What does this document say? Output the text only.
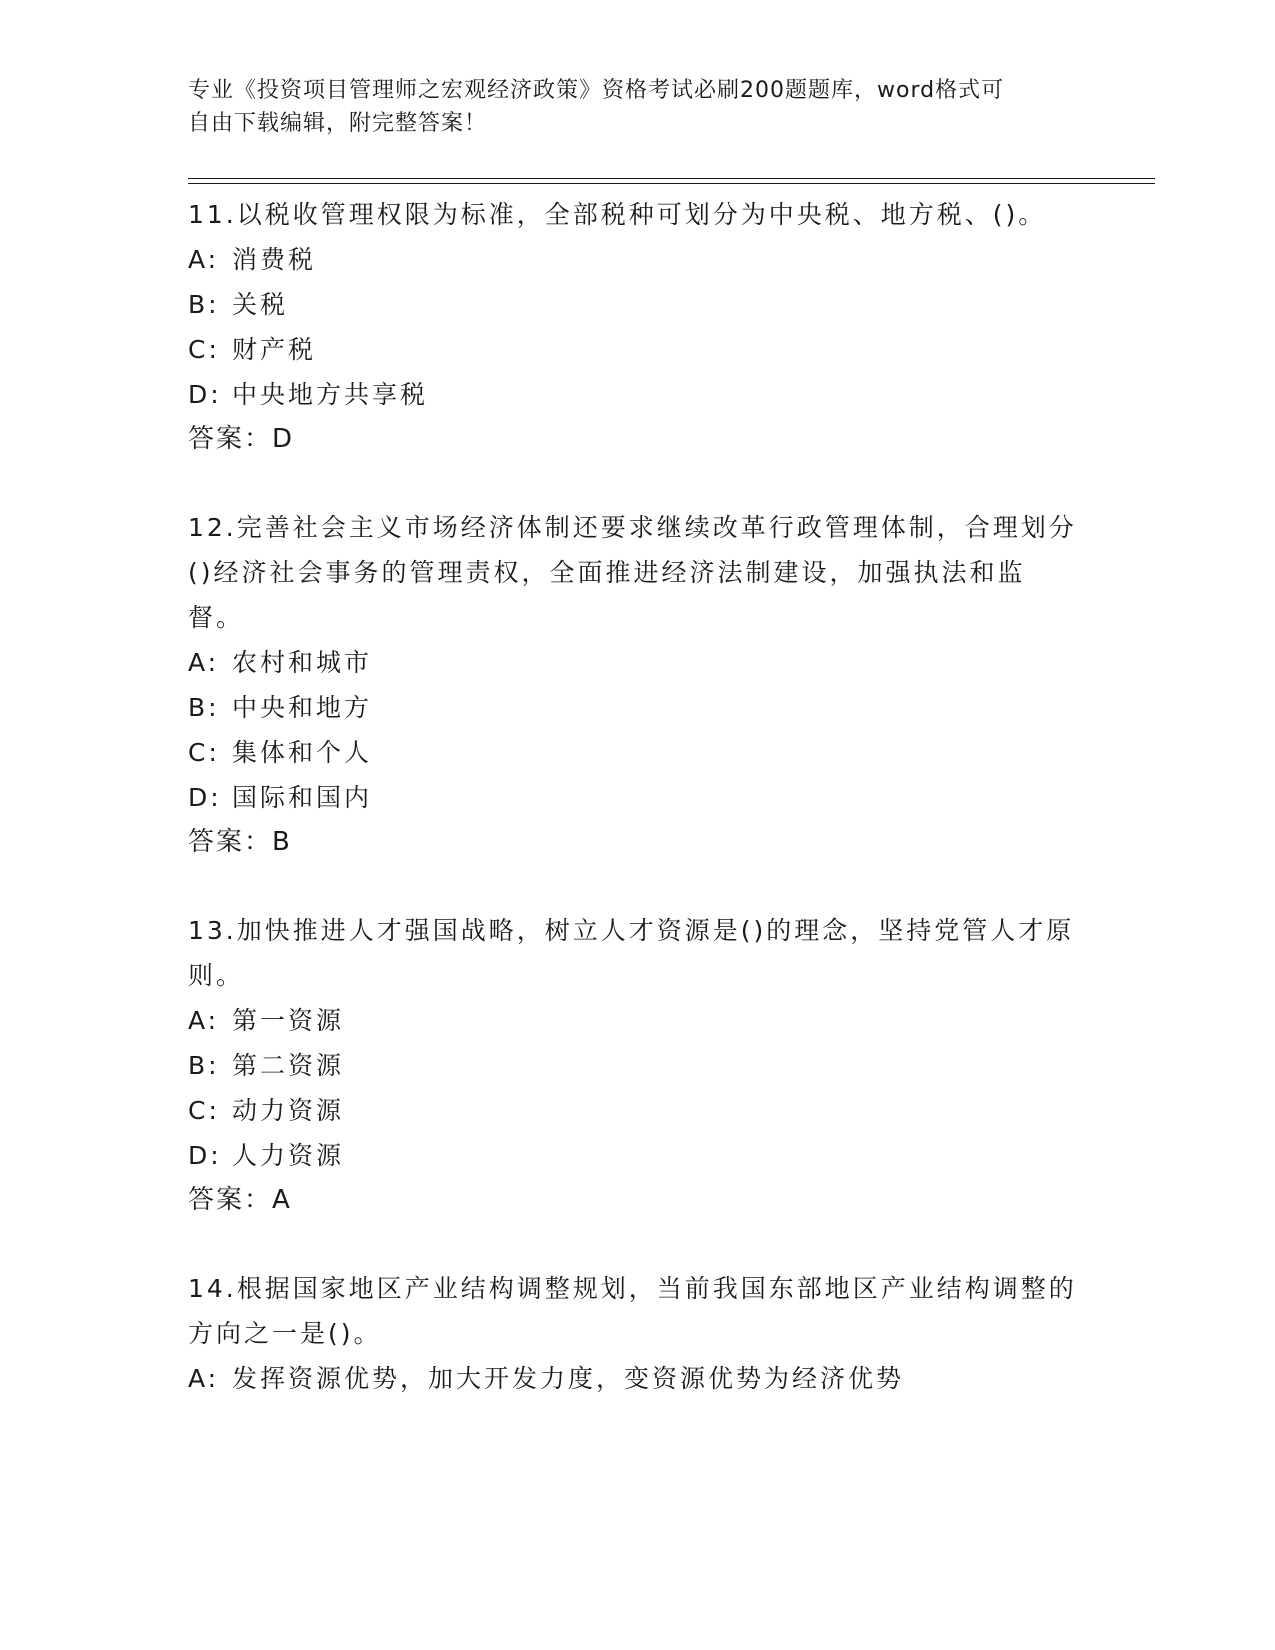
专业《投资项目管理师之宏观经济政策》资格考试必刷200题题库，word格式可
自由下载编辑，附完整答案！
11.以税收管理权限为标准，全部税种可划分为中央税、地方税、()。
A: 消费税
B: 关税
C: 财产税
D: 中央地方共享税
答案：D
12.完善社会主义市场经济体制还要求继续改革行政管理体制，合理划分()经济社会事务的管理责权，全面推进经济法制建设，加强执法和监督。
A: 农村和城市
B: 中央和地方
C: 集体和个人
D: 国际和国内
答案：B
13.加快推进人才强国战略，树立人才资源是()的理念，坚持党管人才原则。
A: 第一资源
B: 第二资源
C: 动力资源
D: 人力资源
答案：A
14.根据国家地区产业结构调整规划，当前我国东部地区产业结构调整的方向之一是()。
A: 发挥资源优势，加大开发力度，变资源优势为经济优势
